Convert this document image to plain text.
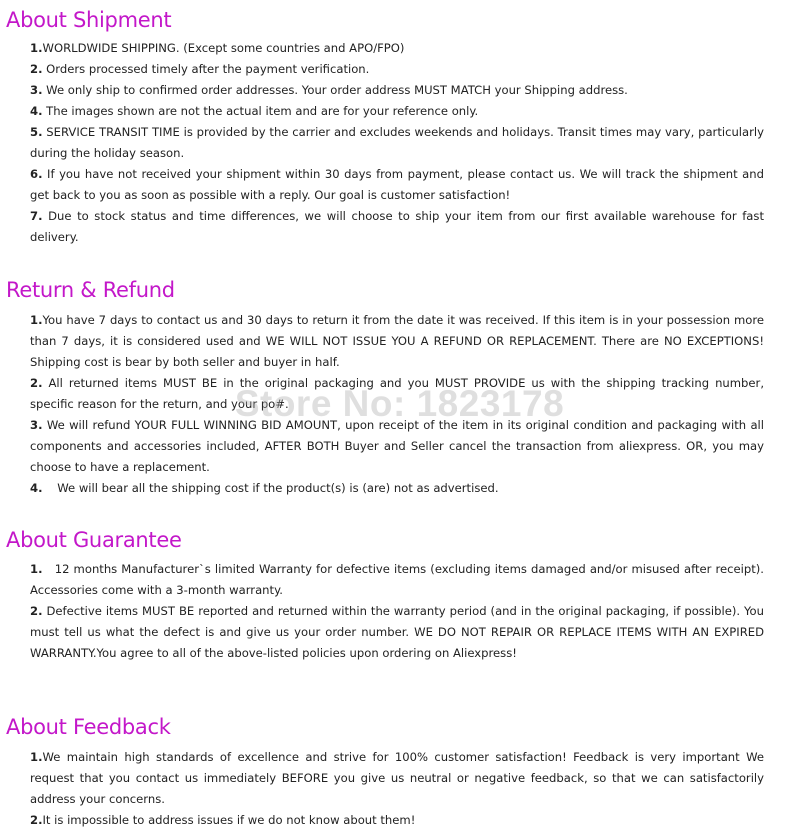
About Shipment
1.WORLDWIDE SHIPPING. (Except some countries and APO/FPO)
2. Orders processed timely after the payment verification.
3. We only ship to confirmed order addresses. Your order address MUST MATCH your Shipping address.
4. The images shown are not the actual item and are for your reference only.
5. SERVICE TRANSIT TIME is provided by the carrier and excludes weekends and holidays. Transit times may vary, particularly during the holiday season.
6. If you have not received your shipment within 30 days from payment, please contact us. We will track the shipment and get back to you as soon as possible with a reply. Our goal is customer satisfaction!
7. Due to stock status and time differences, we will choose to ship your item from our first available warehouse for fast delivery.
Return & Refund
1.You have 7 days to contact us and 30 days to return it from the date it was received. If this item is in your possession more than 7 days, it is considered used and WE WILL NOT ISSUE YOU A REFUND OR REPLACEMENT. There are NO EXCEPTIONS! Shipping cost is bear by both seller and buyer in half.
2. All returned items MUST BE in the original packaging and you MUST PROVIDE us with the shipping tracking number, specific reason for the return, and your po#.
3. We will refund YOUR FULL WINNING BID AMOUNT, upon receipt of the item in its original condition and packaging with all components and accessories included, AFTER BOTH Buyer and Seller cancel the transaction from aliexpress. OR, you may choose to have a replacement.
4.    We will bear all the shipping cost if the product(s) is (are) not as advertised.
About Guarantee
1.   12 months Manufacturer`s limited Warranty for defective items (excluding items damaged and/or misused after receipt). Accessories come with a 3-month warranty.
2. Defective items MUST BE reported and returned within the warranty period (and in the original packaging, if possible). You must tell us what the defect is and give us your order number. WE DO NOT REPAIR OR REPLACE ITEMS WITH AN EXPIRED WARRANTY.You agree to all of the above-listed policies upon ordering on Aliexpress!
About Feedback
1.We maintain high standards of excellence and strive for 100% customer satisfaction! Feedback is very important We request that you contact us immediately BEFORE you give us neutral or negative feedback, so that we can satisfactorily address your concerns.
2.It is impossible to address issues if we do not know about them!
Store No: 1823178
